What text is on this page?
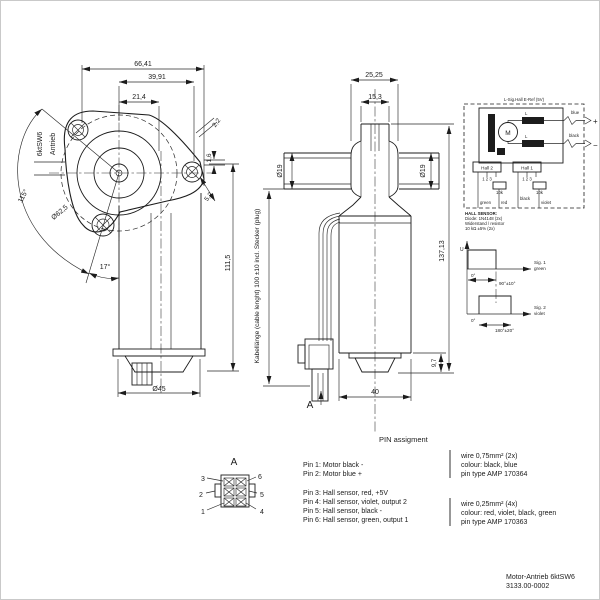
66,41
39,91
21,4
111,5
Ø45
Ø62,5
115°
17°
2,2
1,6
5,2
6ktSW6 Antrieb
25,25
15,3
Ø19	Ø19
137,13
9,7
40
Kabellänge (cable lenght) 100 ±10 incl. Stecker (plug)
A
L-Sig.Hall E-Ref (5V)
M
L
L
blue
black
+
−
Hall 2	Hall 1
1 2 3	1 2 3
10k	10k
green red
black
violet
HALL SENSOR:
Diode: 1N4148 (2x)
Widerstand / resistor
10 kΩ ±5% (2x)
U
Sig. 1
green
0°
90°±10°
Sig. 2
violet
0°
180°±20°
A
3
2
1
6
5
4
PIN assigment
Pin 1: Motor black -
Pin 2: Motor blue +
Pin 3: Hall sensor, red, +5V
Pin 4: Hall sensor, violet, output 2
Pin 5: Hall sensor, black -
Pin 6: Hall sensor, green, output 1
wire 0,75mm² (2x)
colour: black, blue
pin type AMP 170364
wire 0,25mm² (4x)
colour: red, violet, black, green
pin type AMP 170363
Motor-Antrieb 6ktSW6
3133.00-0002
